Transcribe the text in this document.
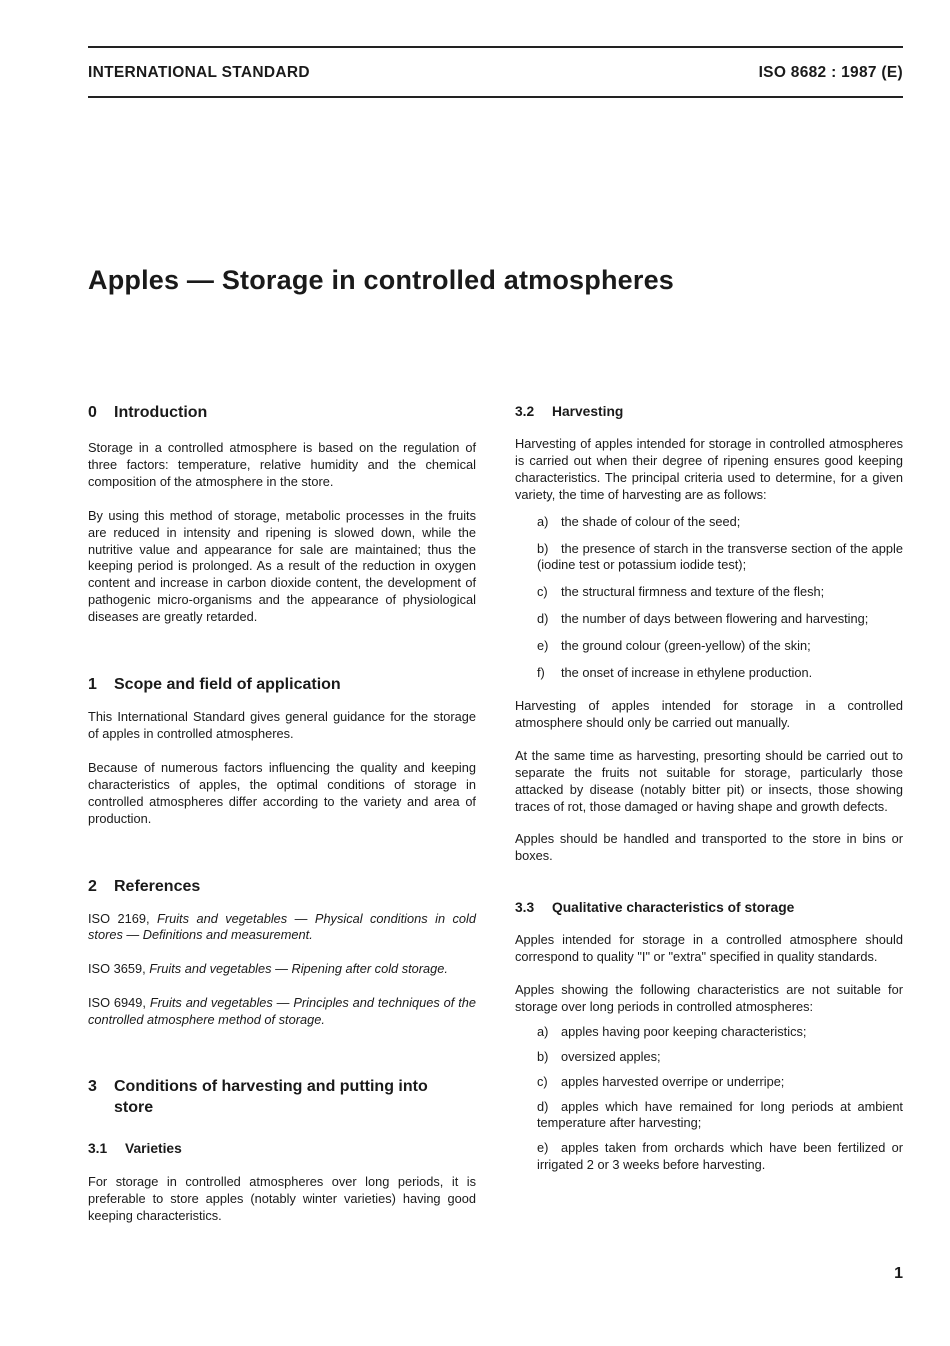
INTERNATIONAL STANDARD	ISO 8682 : 1987 (E)
Apples — Storage in controlled atmospheres
0 Introduction

Storage in a controlled atmosphere is based on the regulation of three factors: temperature, relative humidity and the chemical composition of the atmosphere in the store.

By using this method of storage, metabolic processes in the fruits are reduced in intensity and ripening is slowed down, while the nutritive value and appearance for sale are maintained; thus the keeping period is prolonged. As a result of the reduction in oxygen content and increase in carbon dioxide content, the development of pathogenic micro-organisms and the appearance of physiological diseases are greatly retarded.

1 Scope and field of application

This International Standard gives general guidance for the storage of apples in controlled atmospheres.

Because of numerous factors influencing the quality and keeping characteristics of apples, the optimal conditions of storage in controlled atmospheres differ according to the variety and area of production.

2 References

ISO 2169, Fruits and vegetables — Physical conditions in cold stores — Definitions and measurement.

ISO 3659, Fruits and vegetables — Ripening after cold storage.

ISO 6949, Fruits and vegetables — Principles and techniques of the controlled atmosphere method of storage.

3	Conditions of harvesting and putting into store
3.1 Varieties

For storage in controlled atmospheres over long periods, it is preferable to store apples (notably winter varieties) having good keeping characteristics.

3.2 Harvesting

Harvesting of apples intended for storage in controlled atmospheres is carried out when their degree of ripening ensures good keeping characteristics. The principal criteria used to determine, for a given variety, the time of harvesting are as follows:

a) the shade of colour of the seed;

b) the presence of starch in the transverse section of the apple (iodine test or potassium iodide test);

c) the structural firmness and texture of the flesh;

d) the number of days between flowering and harvesting;

e) the ground colour (green-yellow) of the skin;

f) the onset of increase in ethylene production.

Harvesting of apples intended for storage in a controlled atmosphere should only be carried out manually.

At the same time as harvesting, presorting should be carried out to separate the fruits not suitable for storage, particularly those attacked by disease (notably bitter pit) or insects, those showing traces of rot, those damaged or having shape and growth defects.

Apples should be handled and transported to the store in bins or boxes.

3.3 Qualitative characteristics of storage

Apples intended for storage in a controlled atmosphere should correspond to quality "I" or "extra" specified in quality standards.

Apples showing the following characteristics are not suitable for storage over long periods in controlled atmospheres:

a) apples having poor keeping characteristics;

b) oversized apples;

c) apples harvested overripe or underripe;

d) apples which have remained for long periods at ambient temperature after harvesting;

e) apples taken from orchards which have been fertilized or irrigated 2 or 3 weeks before harvesting.

1
